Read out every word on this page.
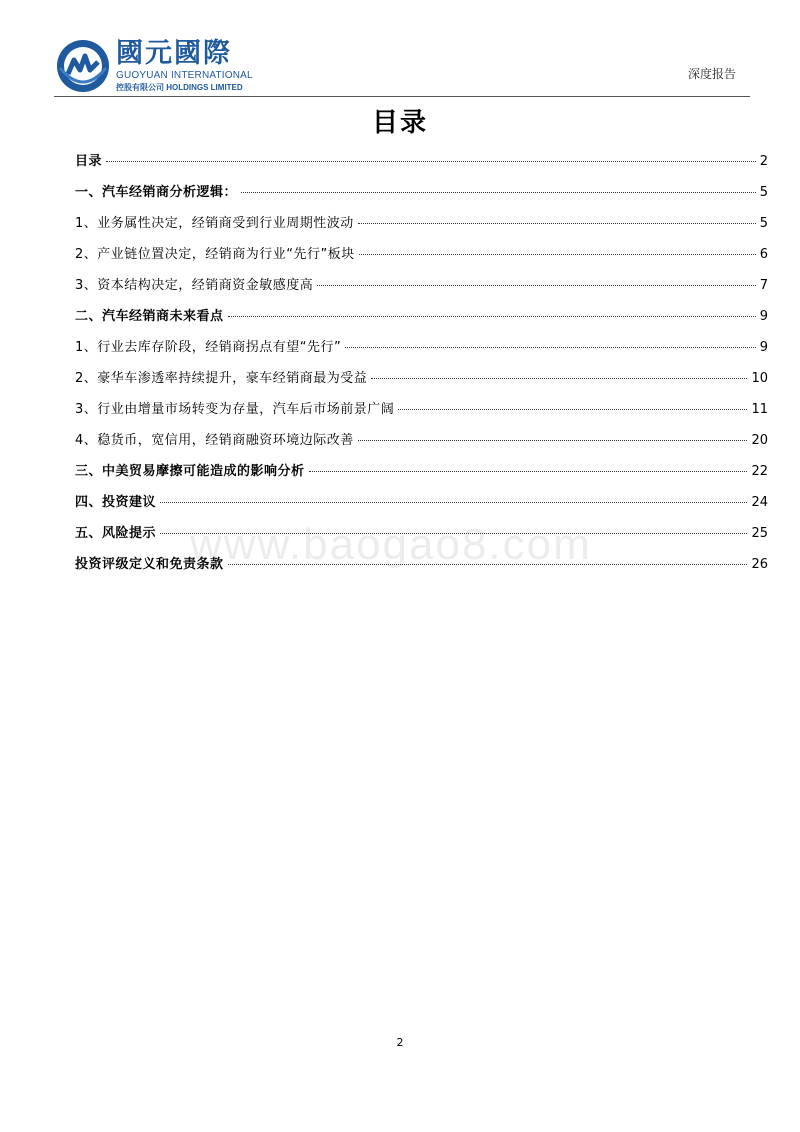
國元國際
GUOYUAN INTERNATIONAL
控股有限公司 HOLDINGS LIMITED
深度报告
目录
目录	2
一、汽车经销商分析逻辑：	5
1、业务属性决定，经销商受到行业周期性波动	5
2、产业链位置决定，经销商为行业“先行”板块	6
3、资本结构决定，经销商资金敏感度高	7
二、汽车经销商未来看点	9
1、行业去库存阶段，经销商拐点有望“先行”	9
2、豪华车渗透率持续提升，豪车经销商最为受益	10
3、行业由增量市场转变为存量，汽车后市场前景广阔	11
4、稳货币，宽信用，经销商融资环境边际改善	20
三、中美贸易摩擦可能造成的影响分析	22
四、投资建议	24
五、风险提示	25
投资评级定义和免责条款	26
www.baogao8.com
2
